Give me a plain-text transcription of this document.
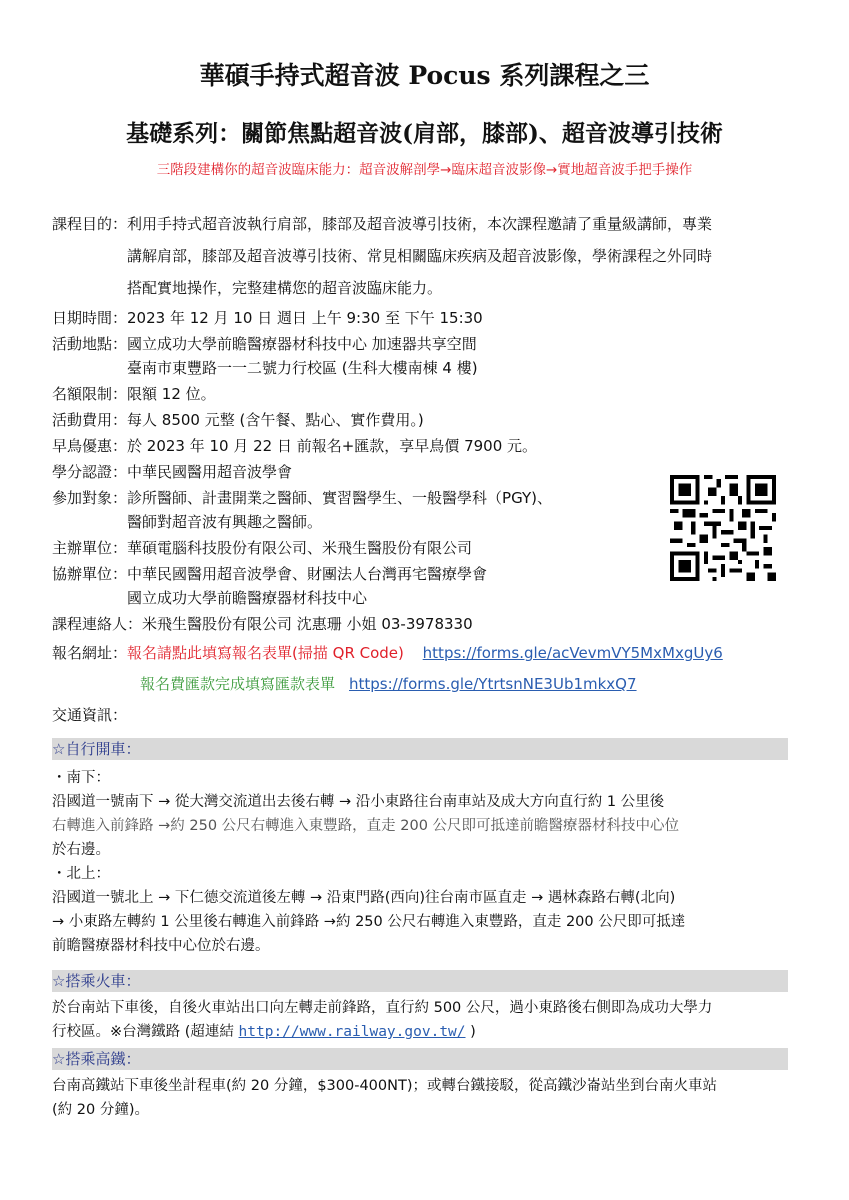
華碩手持式超音波 Pocus 系列課程之三
基礎系列：關節焦點超音波(肩部，膝部)、超音波導引技術
三階段建構你的超音波臨床能力：超音波解剖學→臨床超音波影像→實地超音波手把手操作
課程目的： 利用手持式超音波執行肩部，膝部及超音波導引技術，本次課程邀請了重量級講師，專業
講解肩部，膝部及超音波導引技術、常見相關臨床疾病及超音波影像，學術課程之外同時
搭配實地操作，完整建構您的超音波臨床能力。
日期時間： 2023 年 12 月 10 日 週日 上午 9:30 至 下午 15:30
活動地點： 國立成功大學前瞻醫療器材科技中心 加速器共享空間
臺南市東豐路一一二號力行校區 (生科大樓南棟 4 樓)
名額限制： 限額 12 位。
活動費用： 每人 8500 元整 (含午餐、點心、實作費用。)
早鳥優惠： 於 2023 年 10 月 22 日 前報名+匯款，享早鳥價 7900 元。
學分認證： 中華民國醫用超音波學會
參加對象： 診所醫師、計畫開業之醫師、實習醫學生、一般醫學科（PGY)、
醫師對超音波有興趣之醫師。
主辦單位： 華碩電腦科技股份有限公司、米飛生醫股份有限公司
協辦單位： 中華民國醫用超音波學會、財團法人台灣再宅醫療學會
國立成功大學前瞻醫療器材科技中心
課程連絡人： 米飛生醫股份有限公司 沈惠珊 小姐 03-3978330
報名網址： 報名請點此填寫報名表單(掃描 QR Code) https://forms.gle/acVevmVY5MxMxgUy6
報名費匯款完成填寫匯款表單 https://forms.gle/YtrtsnNE3Ub1mkxQ7
交通資訊：
☆自行開車：
・南下：
沿國道一號南下 → 從大灣交流道出去後右轉 → 沿小東路往台南車站及成大方向直行約 1 公里後
右轉進入前鋒路 →約 250 公尺右轉進入東豐路，直走 200 公尺即可抵達前瞻醫療器材科技中心位
於右邊。
・北上：
沿國道一號北上 → 下仁德交流道後左轉 → 沿東門路(西向)往台南市區直走 → 遇林森路右轉(北向)
→ 小東路左轉約 1 公里後右轉進入前鋒路 →約 250 公尺右轉進入東豐路，直走 200 公尺即可抵達
前瞻醫療器材科技中心位於右邊。
☆搭乘火車：
於台南站下車後，自後火車站出口向左轉走前鋒路，直行約 500 公尺，過小東路後右側即為成功大學力
行校區。※台灣鐵路 (超連結 http://www.railway.gov.tw/ )
☆搭乘高鐵：
台南高鐵站下車後坐計程車(約 20 分鐘，$300-400NT)；或轉台鐵接駁，從高鐵沙崙站坐到台南火車站
(約 20 分鐘)。
